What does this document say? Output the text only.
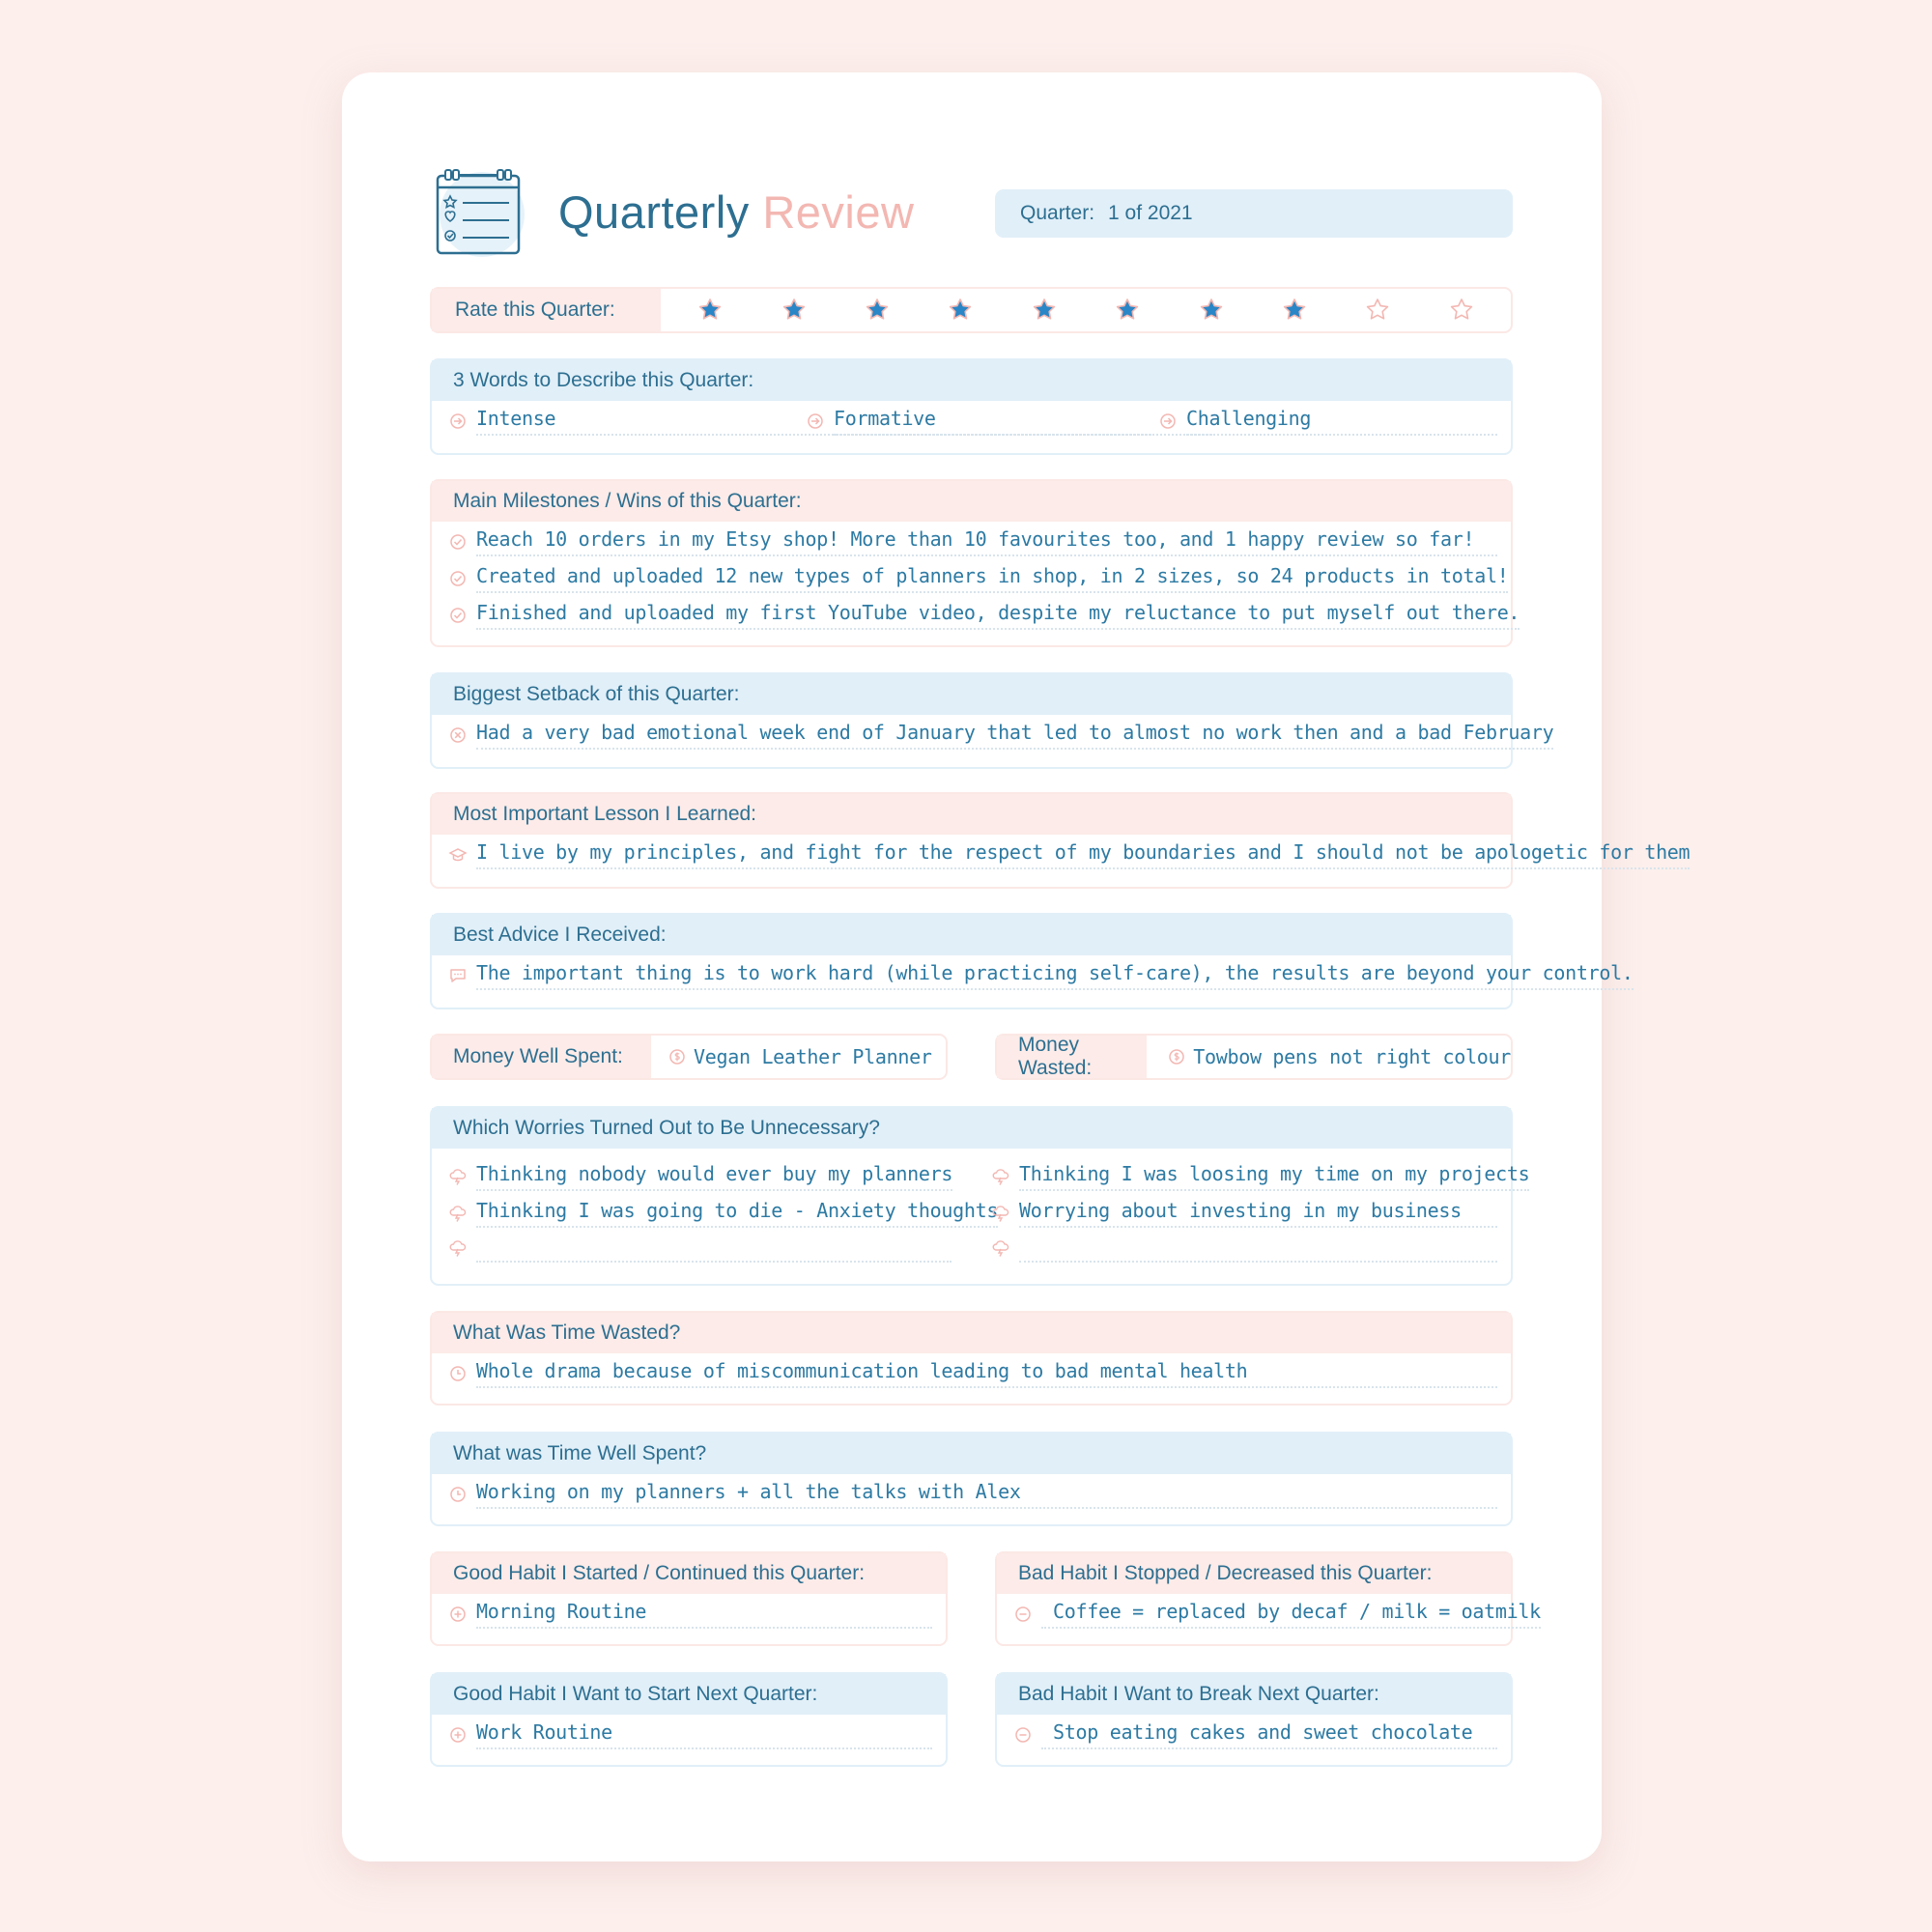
Quarterly Review	Quarter: 1 of 2021
Rate this Quarter:
3 Words to Describe this Quarter:
Intense	Formative	Challenging
Main Milestones / Wins of this Quarter:
Reach 10 orders in my Etsy shop! More than 10 favourites too, and 1 happy review so far!
Created and uploaded 12 new types of planners in shop, in 2 sizes, so 24 products in total!
Finished and uploaded my first YouTube video, despite my reluctance to put myself out there.
Biggest Setback of this Quarter:
Had a very bad emotional week end of January that led to almost no work then and a bad February
Most Important Lesson I Learned:
I live by my principles, and fight for the respect of my boundaries and I should not be apologetic for them
Best Advice I Received:
The important thing is to work hard (while practicing self-care), the results are beyond your control.
Money Well Spent:	Vegan Leather Planner
Money Wasted:	Towbow pens not right colour
Which Worries Turned Out to Be Unnecessary?
Thinking nobody would ever buy my planners
Thinking I was going to die - Anxiety thoughts
Thinking I was loosing my time on my projects
Worrying about investing in my business
What Was Time Wasted?
Whole drama because of miscommunication leading to bad mental health
What was Time Well Spent?
Working on my planners + all the talks with Alex
Good Habit I Started / Continued this Quarter:
Morning Routine
Bad Habit I Stopped / Decreased this Quarter:
Coffee = replaced by decaf / milk = oatmilk
Good Habit I Want to Start Next Quarter:
Work Routine
Bad Habit I Want to Break Next Quarter:
Stop eating cakes and sweet chocolate
